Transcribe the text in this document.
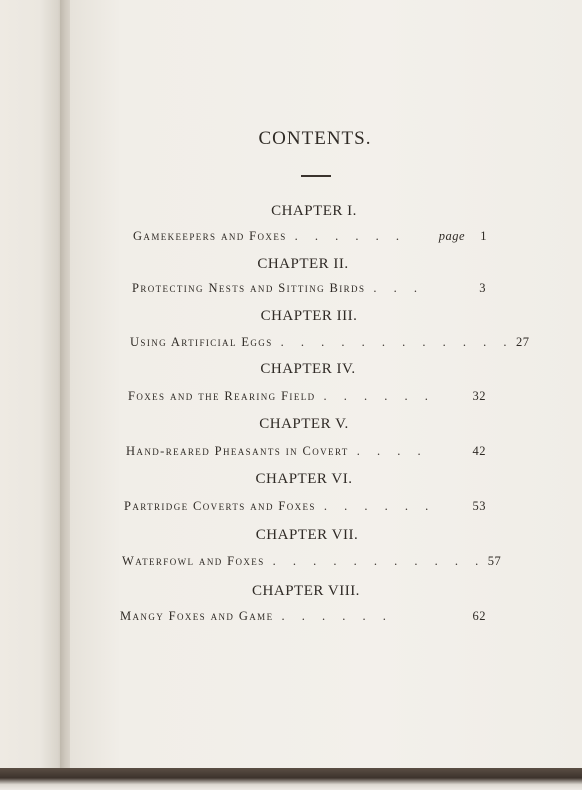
CONTENTS.
CHAPTER I.
Gamekeepers and Foxes . . . . . .	page	1
CHAPTER II.
Protecting Nests and Sitting Birds . . .	3
CHAPTER III.
Using Artificial Eggs . . . . . . . . . . . . 27
CHAPTER IV.
Foxes and the Rearing Field . . . . . .	32
CHAPTER V.
Hand-reared Pheasants in Covert . . . .	42
CHAPTER VI.
Partridge Coverts and Foxes . . . . . .	53
CHAPTER VII.
Waterfowl and Foxes . . . . . . . . . . . 57
CHAPTER VIII.
Mangy Foxes and Game . . . . . .	62
